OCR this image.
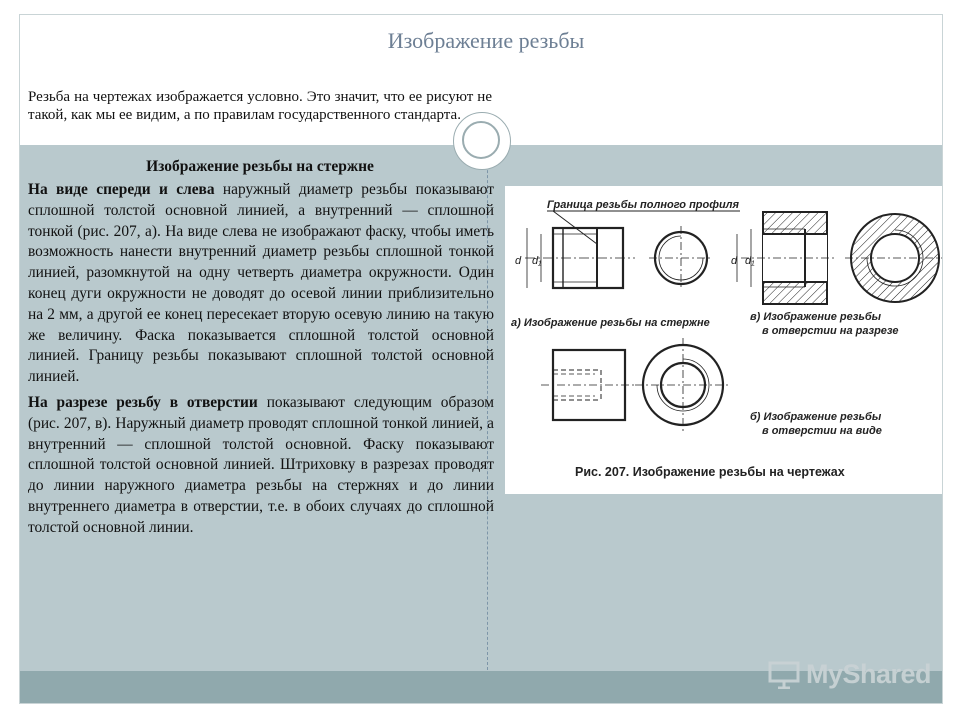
Изображение резьбы
Резьба на чертежах изображается условно. Это значит, что ее рисуют не такой, как мы ее видим, а по правилам государственного стандарта.
Изображение резьбы на стержне

На виде спереди и слева наружный диаметр резьбы показывают сплошной толстой основной линией, а внутренний — сплошной тонкой (рис. 207, а). На виде слева не изображают фаску, чтобы иметь возможность нанести внутренний диаметр резьбы сплошной тонкой линией, разомкнутой на одну четверть диаметра окружности. Один конец дуги окружности не доводят до осевой линии приблизительно на 2 мм, а другой ее конец пересекает вторую осевую линию на такую же величину. Фаска показывается сплошной толстой основной линией. Границу резьбы показывают сплошной толстой основной линией.

На разрезе резьбу в отверстии показывают следующим образом (рис. 207, в). Наружный диаметр проводят сплошной тонкой линией, а внутренний — сплошной толстой основной. Фаску показывают сплошной толстой основной линией. Штриховку в разрезах проводят до линии наружного диаметра резьбы на стержнях и до линии внутреннего диаметра в отверстии, т.е. в обоих случаях до сплошной толстой основной линии.

Граница резьбы полного профиля
d d₁	d d₁
а) Изображение резьбы на стержне	в) Изображение резьбы
в отверстии на разрезе
б) Изображение резьбы
в отверстии на виде
Рис. 207. Изображение резьбы на чертежах
MyShared
